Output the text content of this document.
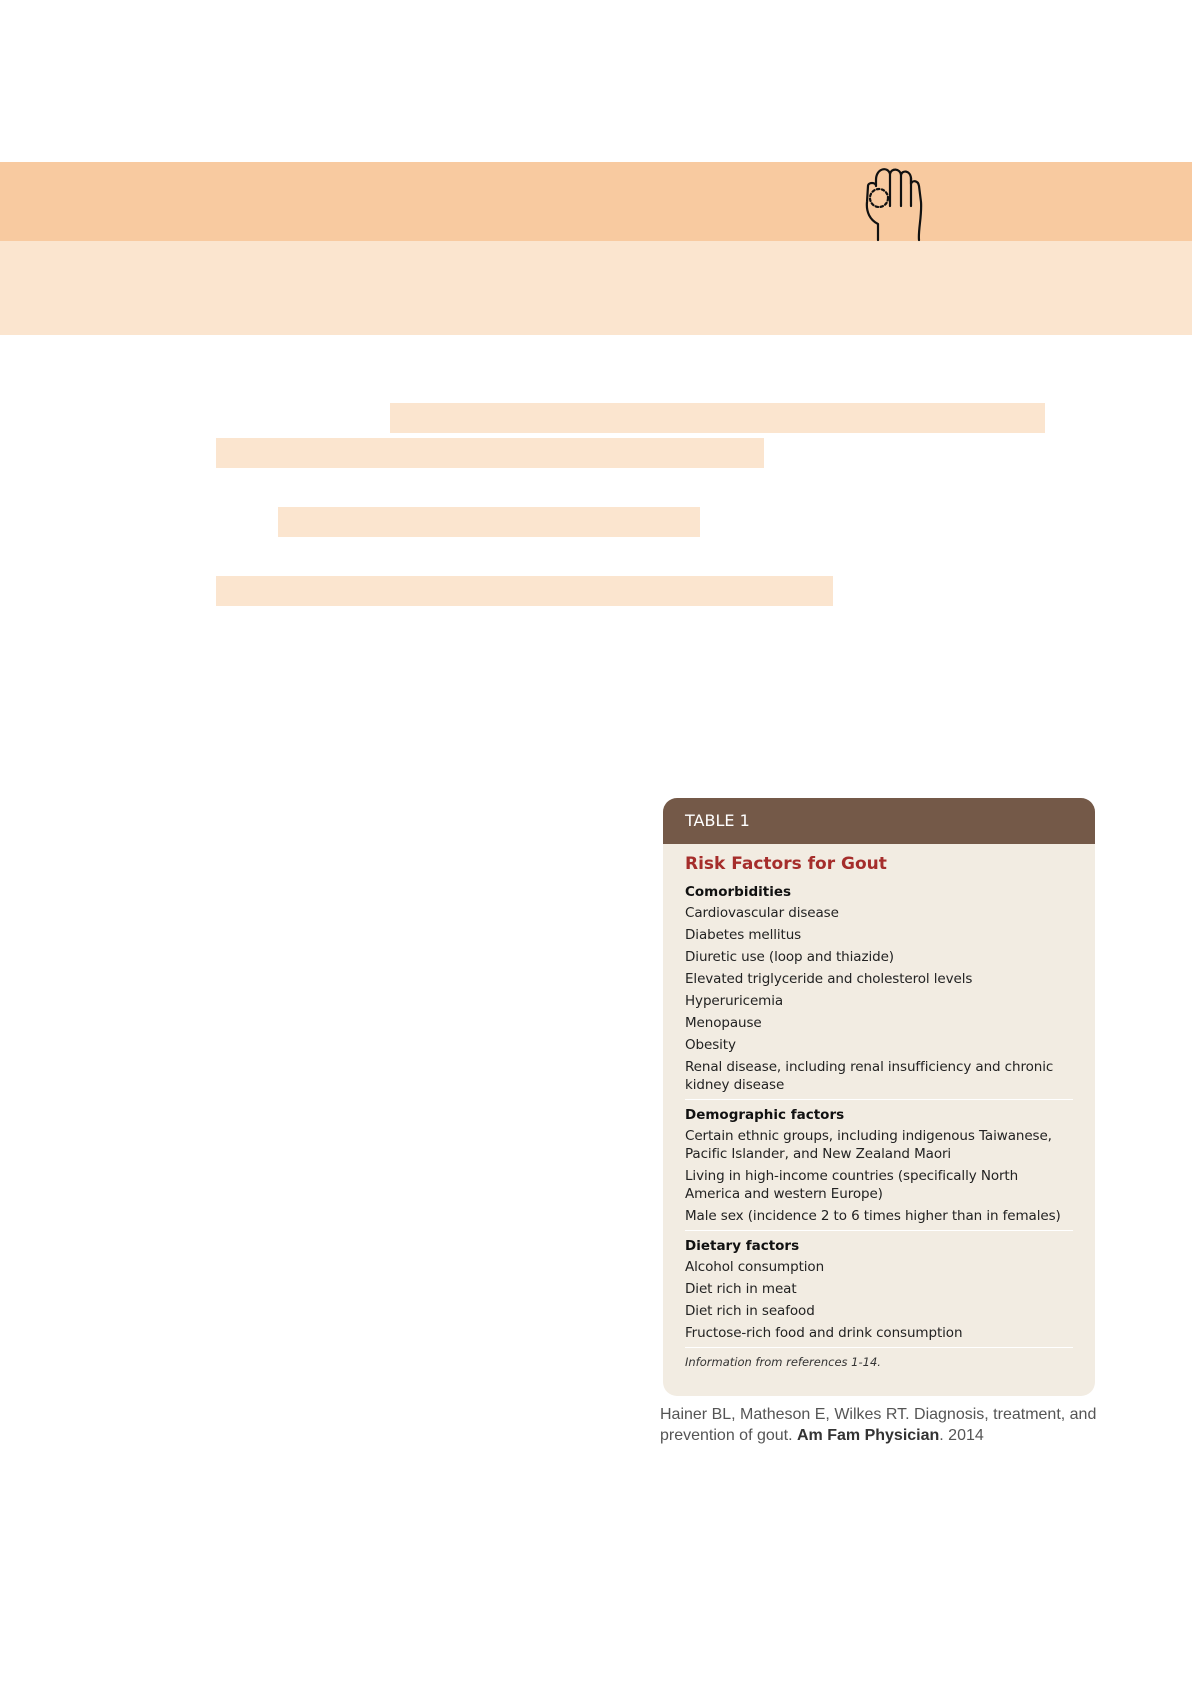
TABLE 1
Risk Factors for Gout
Comorbidities
Cardiovascular disease
Diabetes mellitus
Diuretic use (loop and thiazide)
Elevated triglyceride and cholesterol levels
Hyperuricemia
Menopause
Obesity
Renal disease, including renal insufficiency and chronic kidney disease
Demographic factors
Certain ethnic groups, including indigenous Taiwanese, Pacific Islander, and New Zealand Maori
Living in high-income countries (specifically North America and western Europe)
Male sex (incidence 2 to 6 times higher than in females)
Dietary factors
Alcohol consumption
Diet rich in meat
Diet rich in seafood
Fructose-rich food and drink consumption
Information from references 1-14.
Hainer BL, Matheson E, Wilkes RT. Diagnosis, treatment, and prevention of gout. Am Fam Physician. 2014
